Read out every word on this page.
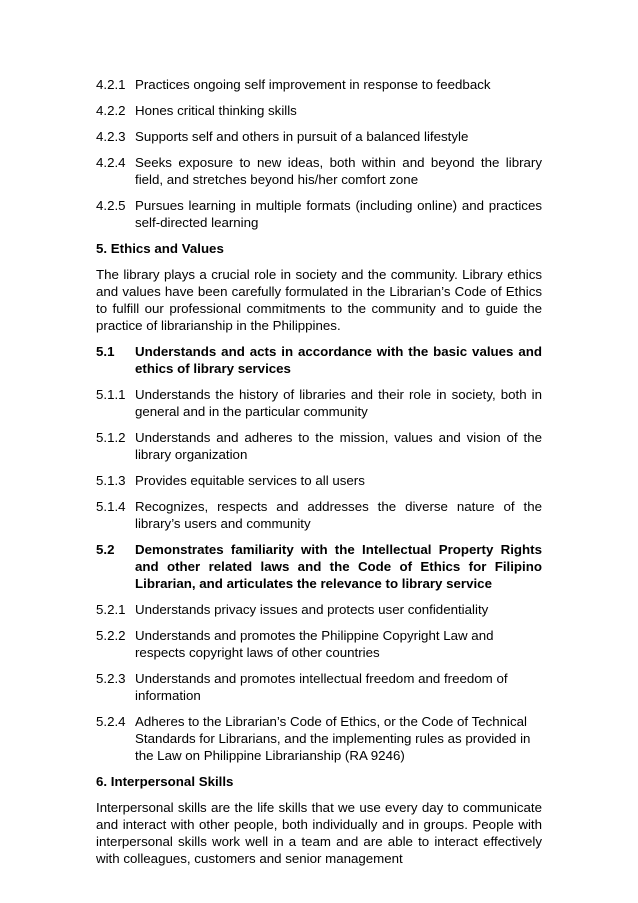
4.2.1 Practices ongoing self improvement in response to feedback
4.2.2 Hones critical thinking skills
4.2.3 Supports self and others in pursuit of a balanced lifestyle
4.2.4 Seeks exposure to new ideas, both within and beyond the library field, and stretches beyond his/her comfort zone
4.2.5 Pursues learning in multiple formats (including online) and practices self-directed learning
5. Ethics and Values
The library plays a crucial role in society and the community. Library ethics and values have been carefully formulated in the Librarian’s Code of Ethics to fulfill our professional commitments to the community and to guide the practice of librarianship in the Philippines.
5.1	Understands and acts in accordance with the basic values and ethics of library services
5.1.1 Understands the history of libraries and their role in society, both in general and in the particular community
5.1.2 Understands and adheres to the mission, values and vision of the library organization
5.1.3 Provides equitable services to all users
5.1.4 Recognizes, respects and addresses the diverse nature of the library’s users and community
5.2	Demonstrates familiarity with the Intellectual Property Rights and other related laws and the Code of Ethics for Filipino Librarian, and articulates the relevance to library service
5.2.1 Understands privacy issues and protects user confidentiality
5.2.2 Understands and promotes the Philippine Copyright Law and respects copyright laws of other countries
5.2.3 Understands and promotes intellectual freedom and freedom of information
5.2.4 Adheres to the Librarian’s Code of Ethics, or the Code of Technical Standards for Librarians, and the implementing rules as provided in the Law on Philippine Librarianship (RA 9246)
6. Interpersonal Skills
Interpersonal skills are the life skills that we use every day to communicate and interact with other people, both individually and in groups. People with interpersonal skills work well in a team and are able to interact effectively with colleagues, customers and senior management
